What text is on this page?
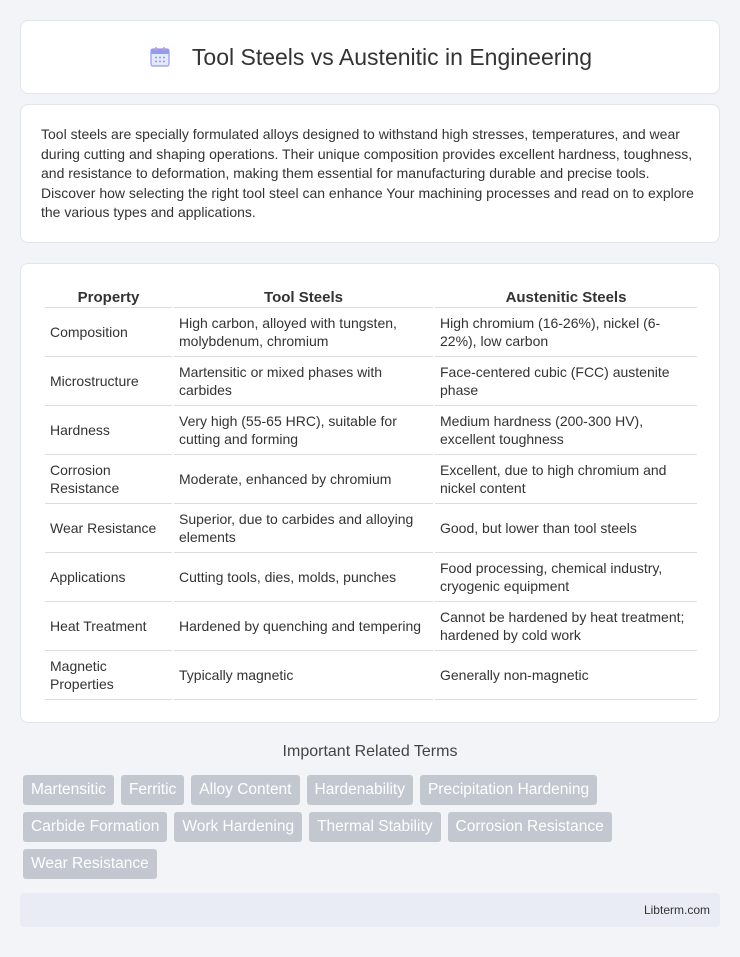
Tool Steels vs Austenitic in Engineering

Tool steels are specially formulated alloys designed to withstand high stresses, temperatures, and wear during cutting and shaping operations. Their unique composition provides excellent hardness, toughness, and resistance to deformation, making them essential for manufacturing durable and precise tools. Discover how selecting the right tool steel can enhance Your machining processes and read on to explore the various types and applications.

Property	Tool Steels	Austenitic Steels
Composition	High carbon, alloyed with tungsten, molybdenum, chromium	High chromium (16-26%), nickel (6-22%), low carbon
Microstructure	Martensitic or mixed phases with carbides	Face-centered cubic (FCC) austenite phase
Hardness	Very high (55-65 HRC), suitable for cutting and forming	Medium hardness (200-300 HV), excellent toughness
Corrosion Resistance	Moderate, enhanced by chromium	Excellent, due to high chromium and nickel content
Wear Resistance	Superior, due to carbides and alloying elements	Good, but lower than tool steels
Applications	Cutting tools, dies, molds, punches	Food processing, chemical industry, cryogenic equipment
Heat Treatment	Hardened by quenching and tempering	Cannot be hardened by heat treatment; hardened by cold work
Magnetic Properties	Typically magnetic	Generally non-magnetic
Important Related Terms
Martensitic	Ferritic	Alloy Content	Hardenability	Precipitation Hardening
Carbide Formation	Work Hardening	Thermal Stability	Corrosion Resistance
Wear Resistance
Libterm.com
